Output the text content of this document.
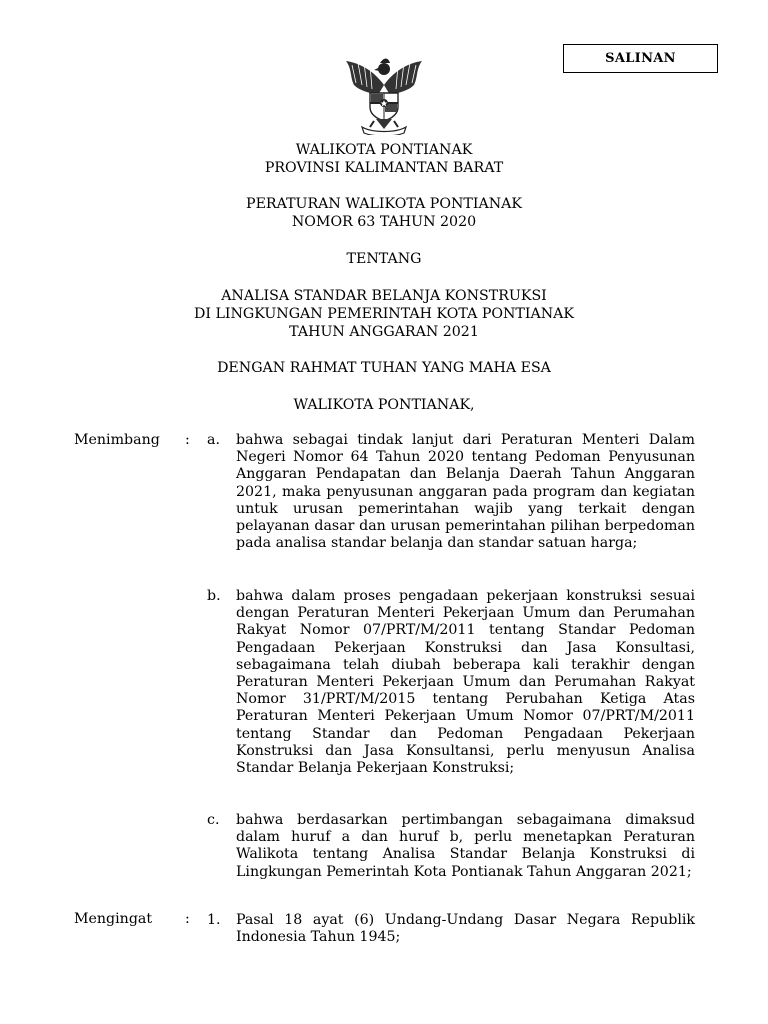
SALINAN
WALIKOTA PONTIANAK
PROVINSI KALIMANTAN BARAT
PERATURAN WALIKOTA PONTIANAK
NOMOR 63 TAHUN 2020
TENTANG
ANALISA STANDAR BELANJA KONSTRUKSI
DI LINGKUNGAN PEMERINTAH KOTA PONTIANAK
TAHUN ANGGARAN 2021
DENGAN RAHMAT TUHAN YANG MAHA ESA
WALIKOTA PONTIANAK,
Menimbang : a. bahwa sebagai tindak lanjut dari Peraturan Menteri Dalam Negeri Nomor 64 Tahun 2020 tentang Pedoman Penyusunan Anggaran Pendapatan dan Belanja Daerah Tahun Anggaran 2021, maka penyusunan anggaran pada program dan kegiatan untuk urusan pemerintahan wajib yang terkait dengan pelayanan dasar dan urusan pemerintahan pilihan berpedoman pada analisa standar belanja dan standar satuan harga;
b. bahwa dalam proses pengadaan pekerjaan konstruksi sesuai dengan Peraturan Menteri Pekerjaan Umum dan Perumahan Rakyat Nomor 07/PRT/M/2011 tentang Standar Pedoman Pengadaan Pekerjaan Konstruksi dan Jasa Konsultasi, sebagaimana telah diubah beberapa kali terakhir dengan Peraturan Menteri Pekerjaan Umum dan Perumahan Rakyat Nomor 31/PRT/M/2015 tentang Perubahan Ketiga Atas Peraturan Menteri Pekerjaan Umum Nomor 07/PRT/M/2011 tentang Standar dan Pedoman Pengadaan Pekerjaan Konstruksi dan Jasa Konsultansi, perlu menyusun Analisa Standar Belanja Pekerjaan Konstruksi;
c. bahwa berdasarkan pertimbangan sebagaimana dimaksud dalam huruf a dan huruf b, perlu menetapkan Peraturan Walikota tentang Analisa Standar Belanja Konstruksi di Lingkungan Pemerintah Kota Pontianak Tahun Anggaran 2021;
Mengingat : 1. Pasal 18 ayat (6) Undang-Undang Dasar Negara Republik Indonesia Tahun 1945;
